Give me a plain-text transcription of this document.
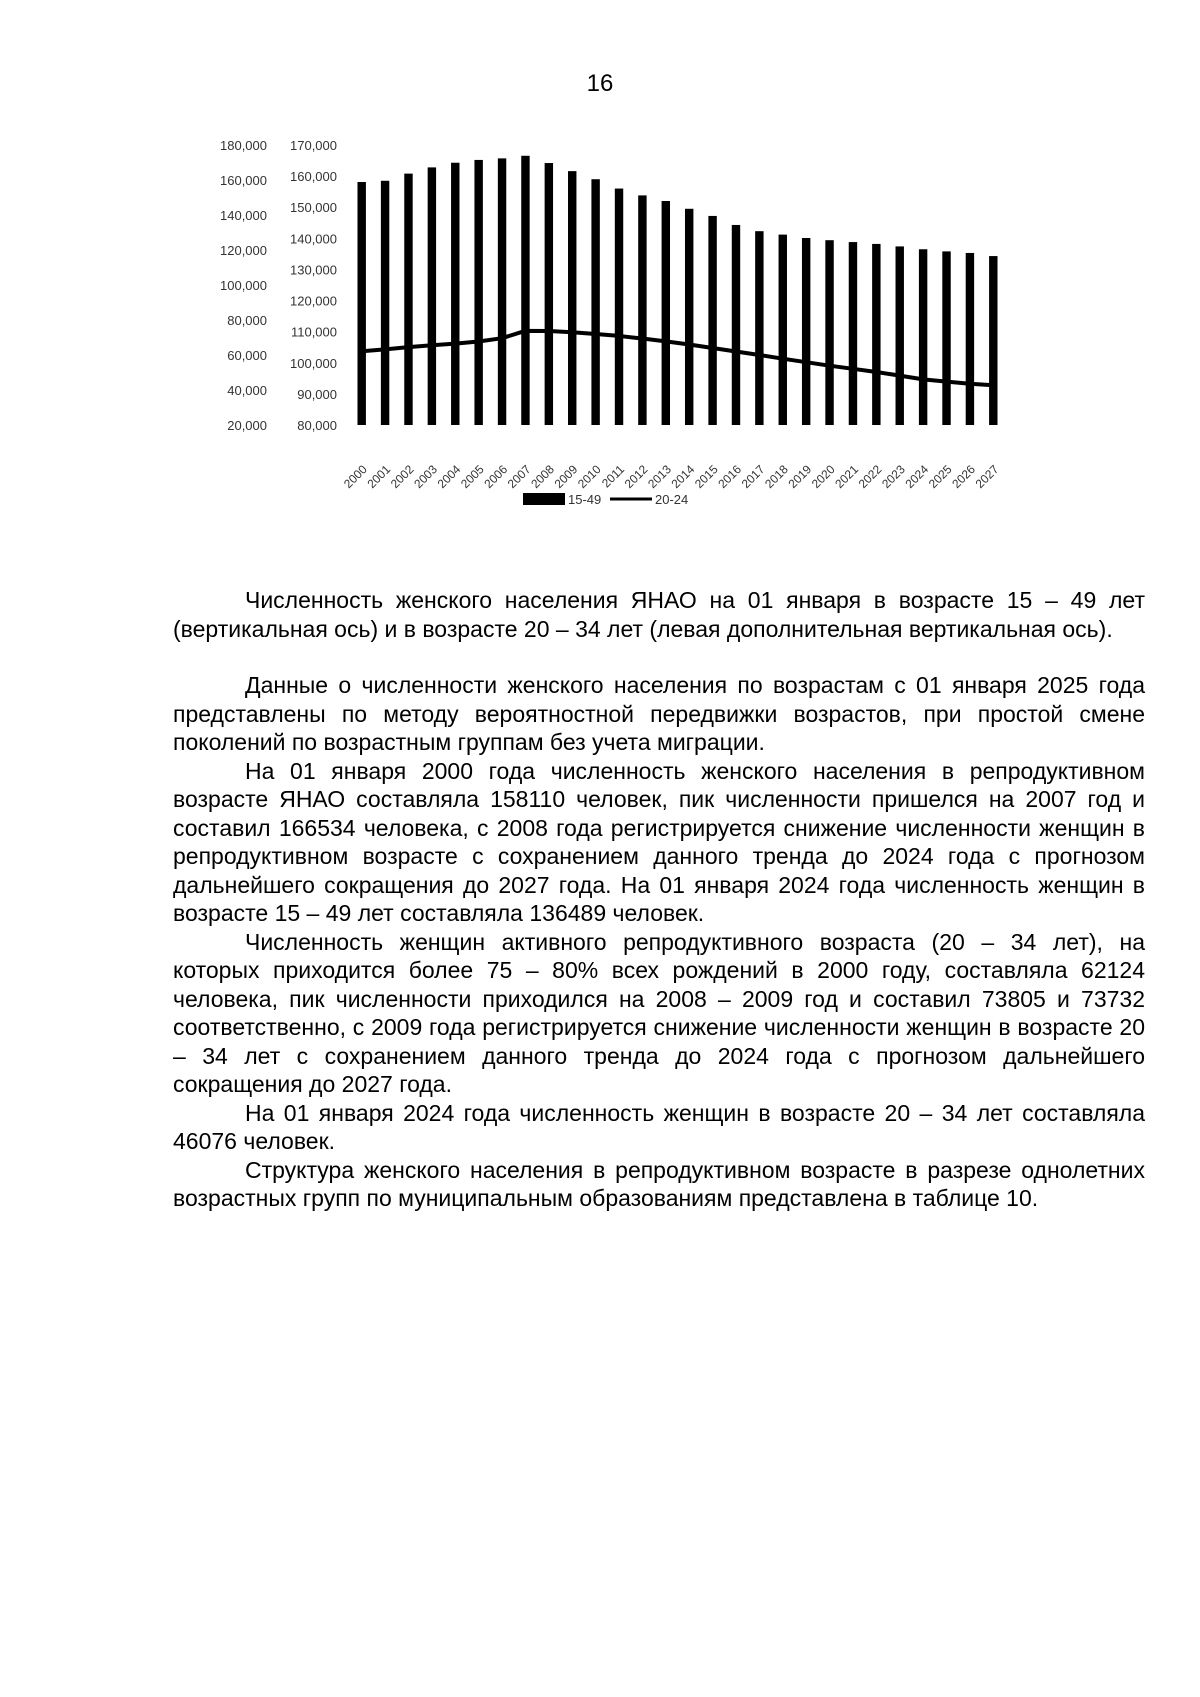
16
180,000
160,000
140,000
120,000
100,000
80,000
60,000
40,000
20,000
170,000
160,000
150,000
140,000
130,000
120,000
110,000
100,000
90,000
80,000
2000
2001
2002
2003
2004
2005
2006
2007
2008
2009
2010
2011
2012
2013
2014
2015
2016
2017
2018
2019
2020
2021
2022
2023
2024
2025
2026
2027
15-49	20-24

Численность женского населения ЯНАО на 01 января в возрасте 15 – 49 лет (вертикальная ось) и в возрасте 20 – 34 лет (левая дополнительная вертикальная ось).

Данные о численности женского населения по возрастам с 01 января 2025 года представлены по методу вероятностной передвижки возрастов, при простой смене поколений по возрастным группам без учета миграции.

На 01 января 2000 года численность женского населения в репродуктивном возрасте ЯНАО составляла 158110 человек, пик численности пришелся на 2007 год и составил 166534 человека, с 2008 года регистрируется снижение численности женщин в репродуктивном возрасте с сохранением данного тренда до 2024 года с прогнозом дальнейшего сокращения до 2027 года. На 01 января 2024 года численность женщин в возрасте 15 – 49 лет составляла 136489 человек.

Численность женщин активного репродуктивного возраста (20 – 34 лет), на которых приходится более 75 – 80% всех рождений в 2000 году, составляла 62124 человека, пик численности приходился на 2008 – 2009 год и составил 73805 и 73732 соответственно, с 2009 года регистрируется снижение численности женщин в возрасте 20 – 34 лет с сохранением данного тренда до 2024 года с прогнозом дальнейшего сокращения до 2027 года.

На 01 января 2024 года численность женщин в возрасте 20 – 34 лет составляла 46076 человек.

Структура женского населения в репродуктивном возрасте в разрезе однолетних возрастных групп по муниципальным образованиям представлена в таблице 10.
